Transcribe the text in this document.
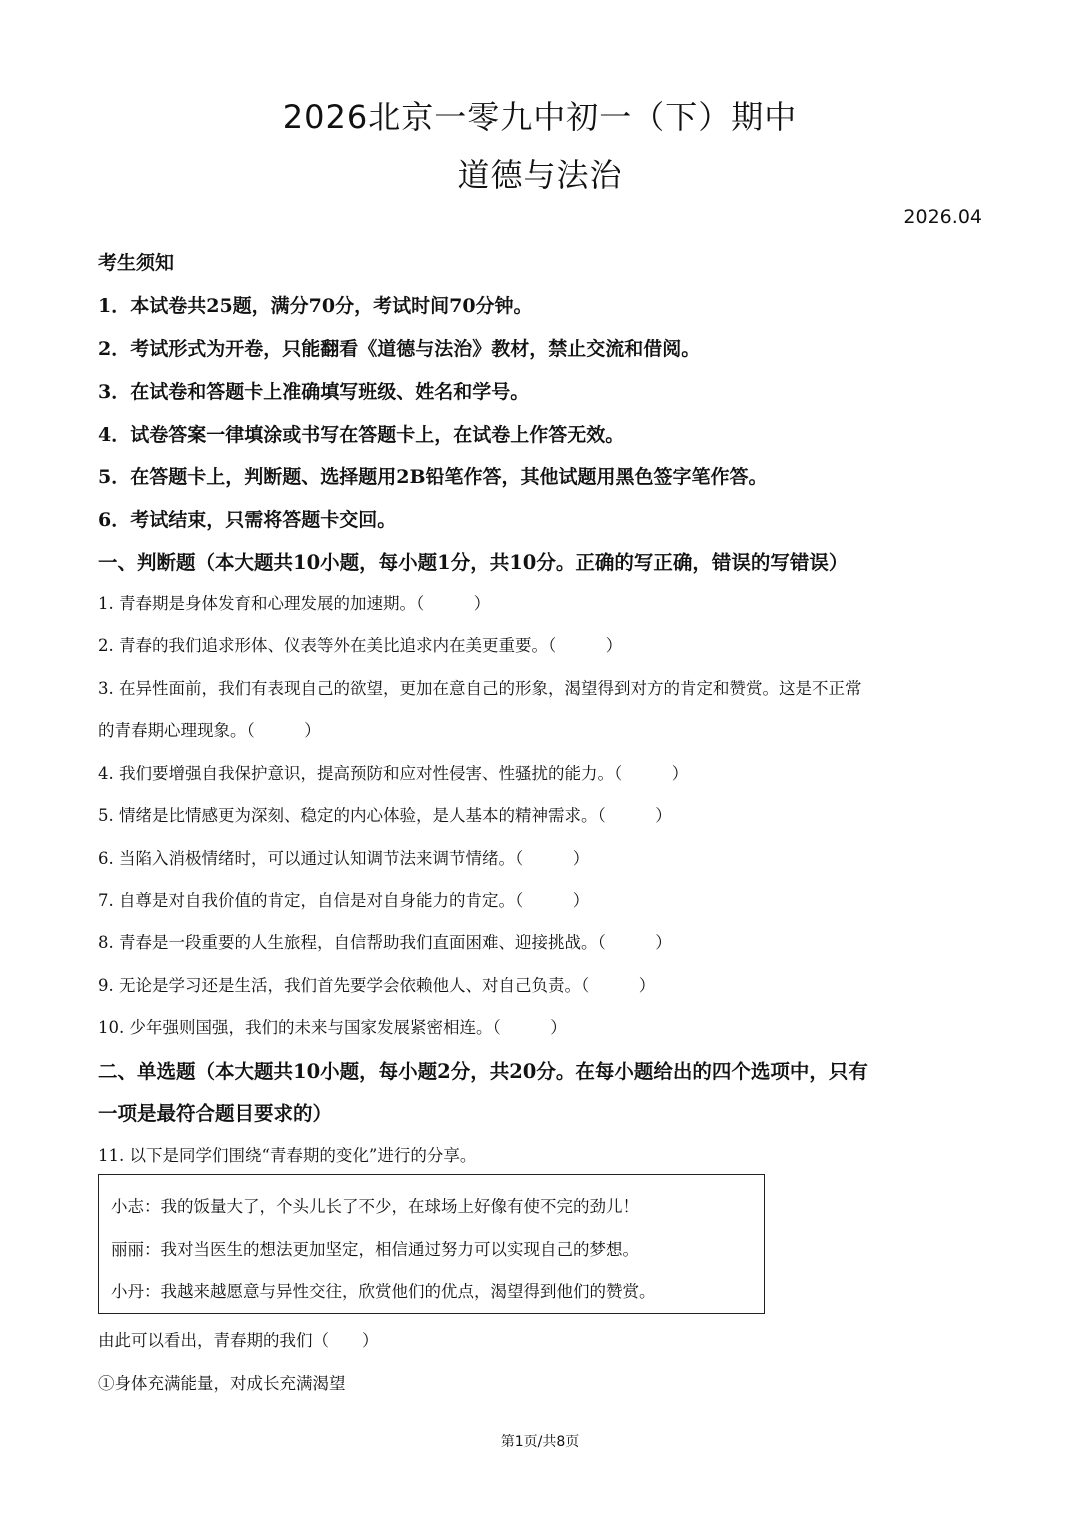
2026北京一零九中初一（下）期中
道德与法治
2026.04
考生须知
1．本试卷共25题，满分70分，考试时间70分钟。
2．考试形式为开卷，只能翻看《道德与法治》教材，禁止交流和借阅。
3．在试卷和答题卡上准确填写班级、姓名和学号。
4．试卷答案一律填涂或书写在答题卡上，在试卷上作答无效。
5．在答题卡上，判断题、选择题用2B铅笔作答，其他试题用黑色签字笔作答。
6．考试结束，只需将答题卡交回。
一、判断题（本大题共10小题，每小题1分，共10分。正确的写正确，错误的写错误）
1. 青春期是身体发育和心理发展的加速期。（　　　）
2. 青春的我们追求形体、仪表等外在美比追求内在美更重要。（　　　）
3. 在异性面前，我们有表现自己的欲望，更加在意自己的形象，渴望得到对方的肯定和赞赏。这是不正常
的青春期心理现象。（　　　）
4. 我们要增强自我保护意识，提高预防和应对性侵害、性骚扰的能力。（　　　）
5. 情绪是比情感更为深刻、稳定的内心体验，是人基本的精神需求。（　　　）
6. 当陷入消极情绪时，可以通过认知调节法来调节情绪。（　　　）
7. 自尊是对自我价值的肯定，自信是对自身能力的肯定。（　　　）
8. 青春是一段重要的人生旅程，自信帮助我们直面困难、迎接挑战。（　　　）
9. 无论是学习还是生活，我们首先要学会依赖他人、对自己负责。（　　　）
10. 少年强则国强，我们的未来与国家发展紧密相连。（　　　）
二、单选题（本大题共10小题，每小题2分，共20分。在每小题给出的四个选项中，只有
一项是最符合题目要求的）
11. 以下是同学们围绕“青春期的变化”进行的分享。
小志：我的饭量大了，个头儿长了不少，在球场上好像有使不完的劲儿！
丽丽：我对当医生的想法更加坚定，相信通过努力可以实现自己的梦想。
小丹：我越来越愿意与异性交往，欣赏他们的优点，渴望得到他们的赞赏。
由此可以看出，青春期的我们（　　）
①身体充满能量，对成长充满渴望
第1页/共8页
